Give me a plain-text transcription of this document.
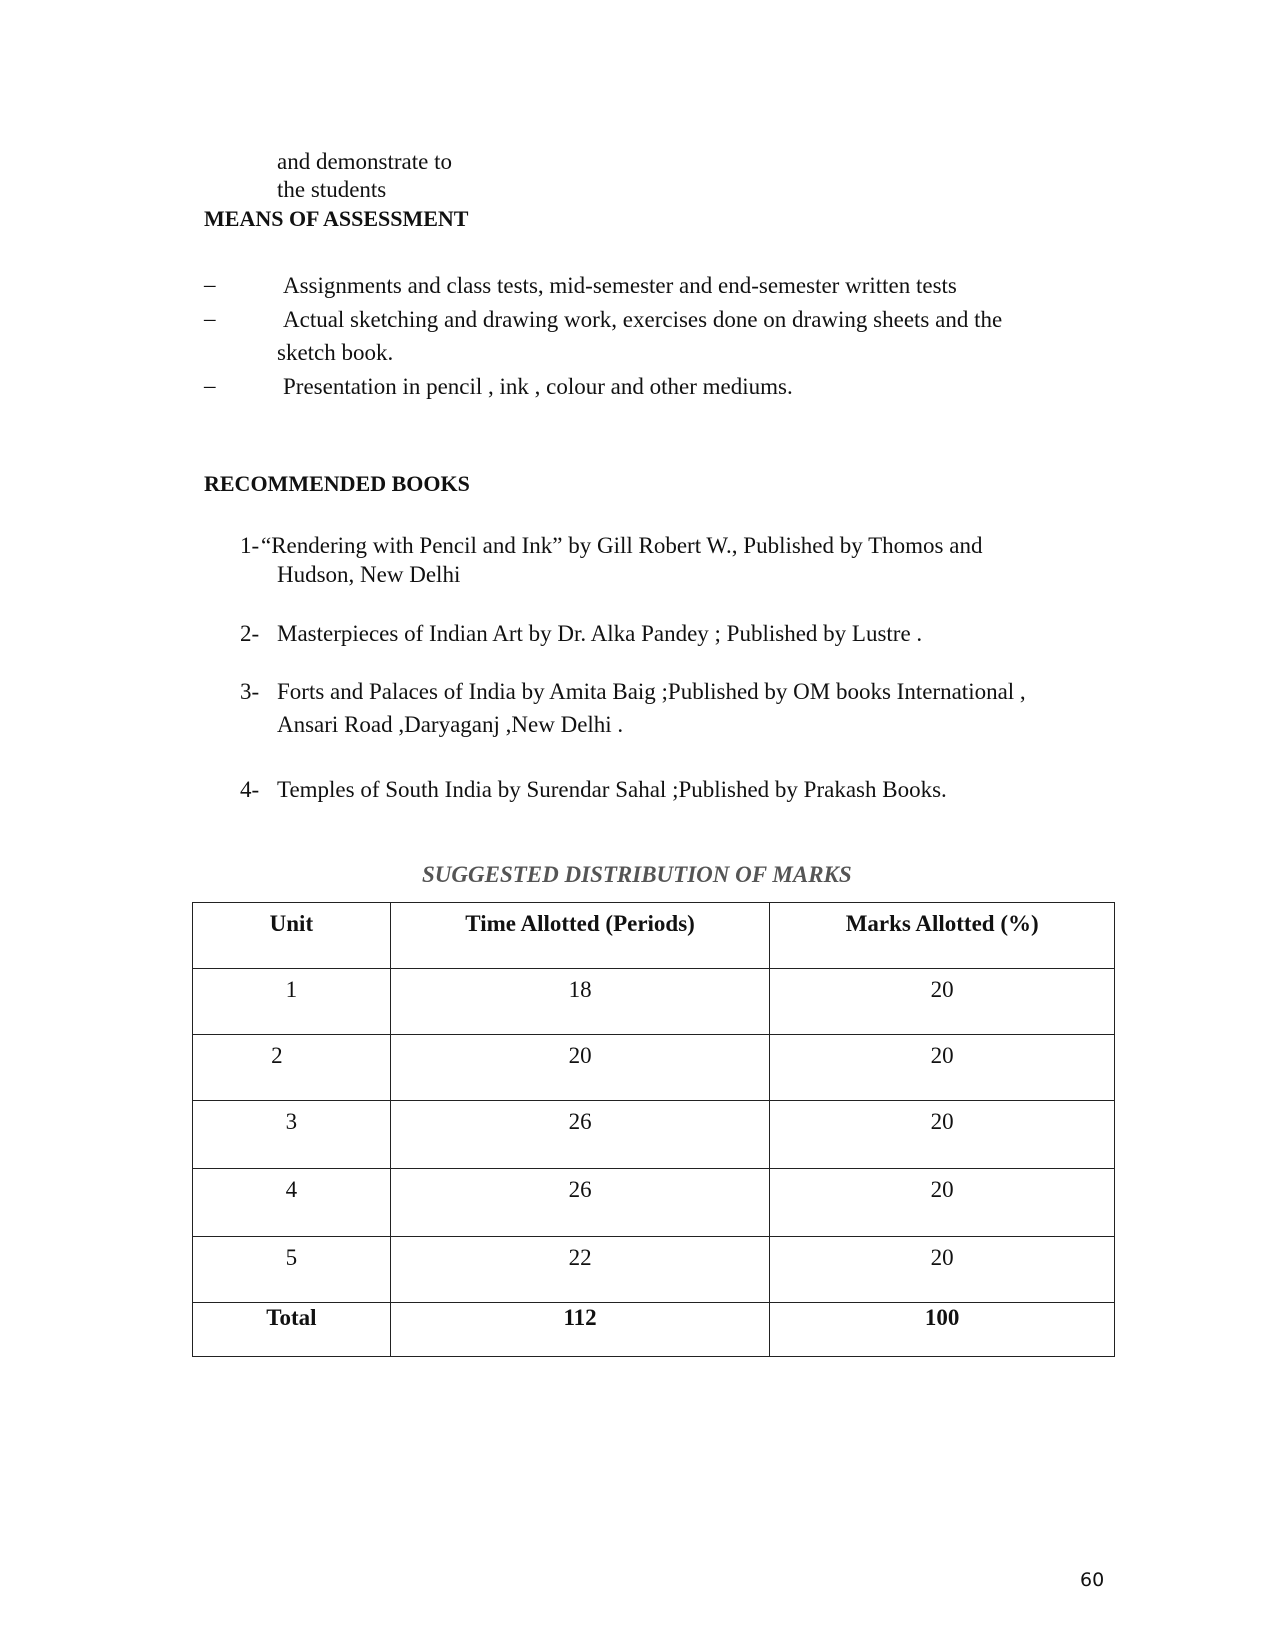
and demonstrate to
the students
MEANS OF ASSESSMENT
–	Assignments and class tests, mid-semester and end-semester written tests
–	Actual sketching and drawing work, exercises done on drawing sheets and the
sketch book.
–	Presentation in pencil , ink , colour and other mediums.
RECOMMENDED BOOKS
1- “Rendering with Pencil and Ink” by Gill Robert W., Published by Thomos and
Hudson, New Delhi
2- Masterpieces of Indian Art by Dr. Alka Pandey ; Published by Lustre .
3- Forts and Palaces of India by Amita Baig ;Published by OM books International ,
Ansari Road ,Daryaganj ,New Delhi .
4- Temples of South India by Surendar Sahal ;Published by Prakash Books.
SUGGESTED DISTRIBUTION OF MARKS
Unit	Time Allotted (Periods)	Marks Allotted (%)
1	18	20
2	20	20
3	26	20
4	26	20
5	22	20
Total	112	100
60
